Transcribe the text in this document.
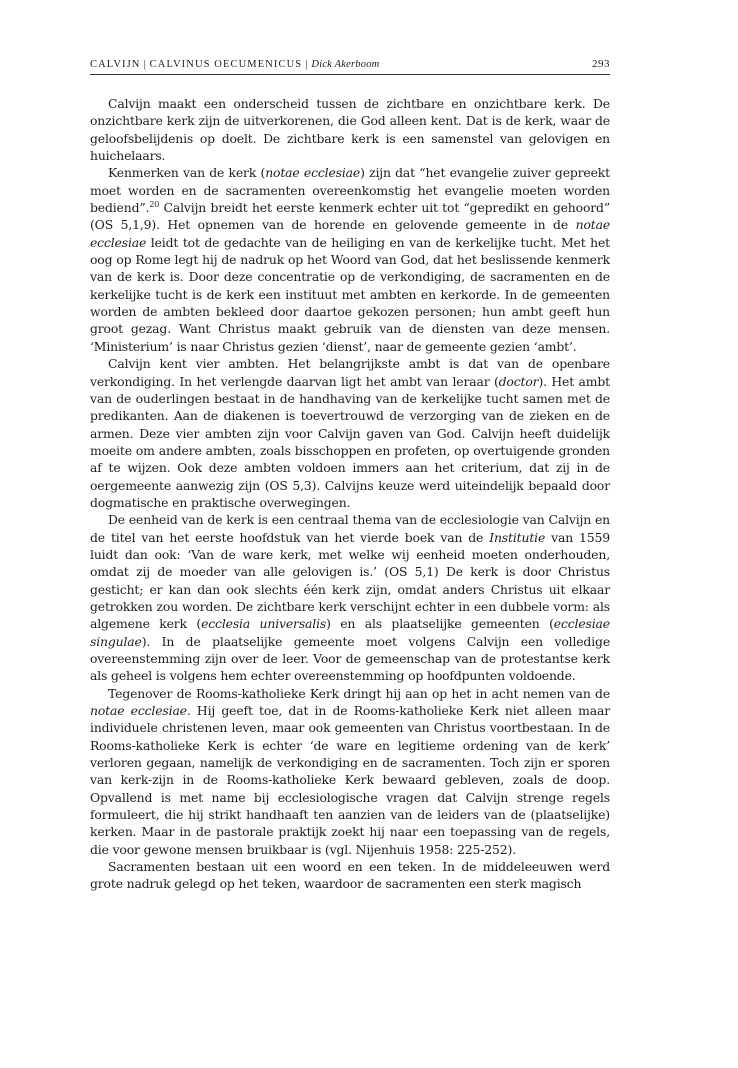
CALVIJN | CALVINUS OECUMENICUS | Dick Akerboom	293

Calvijn maakt een onderscheid tussen de zichtbare en onzichtbare kerk. De onzichtbare kerk zijn de uitverkorenen, die God alleen kent. Dat is de kerk, waar de geloofsbelijdenis op doelt. De zichtbare kerk is een samenstel van gelovigen en huichelaars.

Kenmerken van de kerk (notae ecclesiae) zijn dat “het evangelie zuiver gepreekt moet worden en de sacramenten overeenkomstig het evangelie moeten worden bediend”.$^{20}$ Calvijn breidt het eerste kenmerk echter uit tot “gepredikt en gehoord” (OS 5,1,9). Het opnemen van de horende en gelovende gemeente in de notae ecclesiae leidt tot de gedachte van de heiliging en van de kerkelijke tucht. Met het oog op Rome legt hij de nadruk op het Woord van God, dat het beslissende kenmerk van de kerk is. Door deze concentratie op de verkondiging, de sacramenten en de kerkelijke tucht is de kerk een instituut met ambten en kerkorde. In de gemeenten worden de ambten bekleed door daartoe gekozen personen; hun ambt geeft hun groot gezag. Want Christus maakt gebruik van de diensten van deze mensen. ‘Ministerium’ is naar Christus gezien ‘dienst’, naar de gemeente gezien ‘ambt’.

Calvijn kent vier ambten. Het belangrijkste ambt is dat van de openbare verkondiging. In het verlengde daarvan ligt het ambt van leraar (doctor). Het ambt van de ouderlingen bestaat in de handhaving van de kerkelijke tucht samen met de predikanten. Aan de diakenen is toevertrouwd de verzorging van de zieken en de armen. Deze vier ambten zijn voor Calvijn gaven van God. Calvijn heeft duidelijk moeite om andere ambten, zoals bisschoppen en profeten, op overtuigende gronden af te wijzen. Ook deze ambten voldoen immers aan het criterium, dat zij in de oergemeente aanwezig zijn (OS 5,3). Calvijns keuze werd uiteindelijk bepaald door dogmatische en praktische overwegingen.

De eenheid van de kerk is een centraal thema van de ecclesiologie van Calvijn en de titel van het eerste hoofdstuk van het vierde boek van de Institutie van 1559 luidt dan ook: ‘Van de ware kerk, met welke wij eenheid moeten onderhouden, omdat zij de moeder van alle gelovigen is.’ (OS 5,1) De kerk is door Christus gesticht; er kan dan ook slechts één kerk zijn, omdat anders Christus uit elkaar getrokken zou worden. De zichtbare kerk verschijnt echter in een dubbele vorm: als algemene kerk (ecclesia universalis) en als plaatselijke gemeenten (ecclesiae singulae). In de plaatselijke gemeente moet volgens Calvijn een volledige overeenstemming zijn over de leer. Voor de gemeenschap van de protestantse kerk als geheel is volgens hem echter overeenstemming op hoofdpunten voldoende.

Tegenover de Rooms-katholieke Kerk dringt hij aan op het in acht nemen van de notae ecclesiae. Hij geeft toe, dat in de Rooms-katholieke Kerk niet alleen maar individuele christenen leven, maar ook gemeenten van Christus voortbestaan. In de Rooms-katholieke Kerk is echter ‘de ware en legitieme ordening van de kerk’ verloren gegaan, namelijk de verkondiging en de sacramenten. Toch zijn er sporen van kerk-zijn in de Rooms-katholieke Kerk bewaard gebleven, zoals de doop. Opvallend is met name bij ecclesiologische vragen dat Calvijn strenge regels formuleert, die hij strikt handhaaft ten aanzien van de leiders van de (plaatselijke) kerken. Maar in de pastorale praktijk zoekt hij naar een toepassing van de regels, die voor gewone mensen bruikbaar is (vgl. Nijenhuis 1958: 225-252).

Sacramenten bestaan uit een woord en een teken. In de middeleeuwen werd grote nadruk gelegd op het teken, waardoor de sacramenten een sterk magisch
